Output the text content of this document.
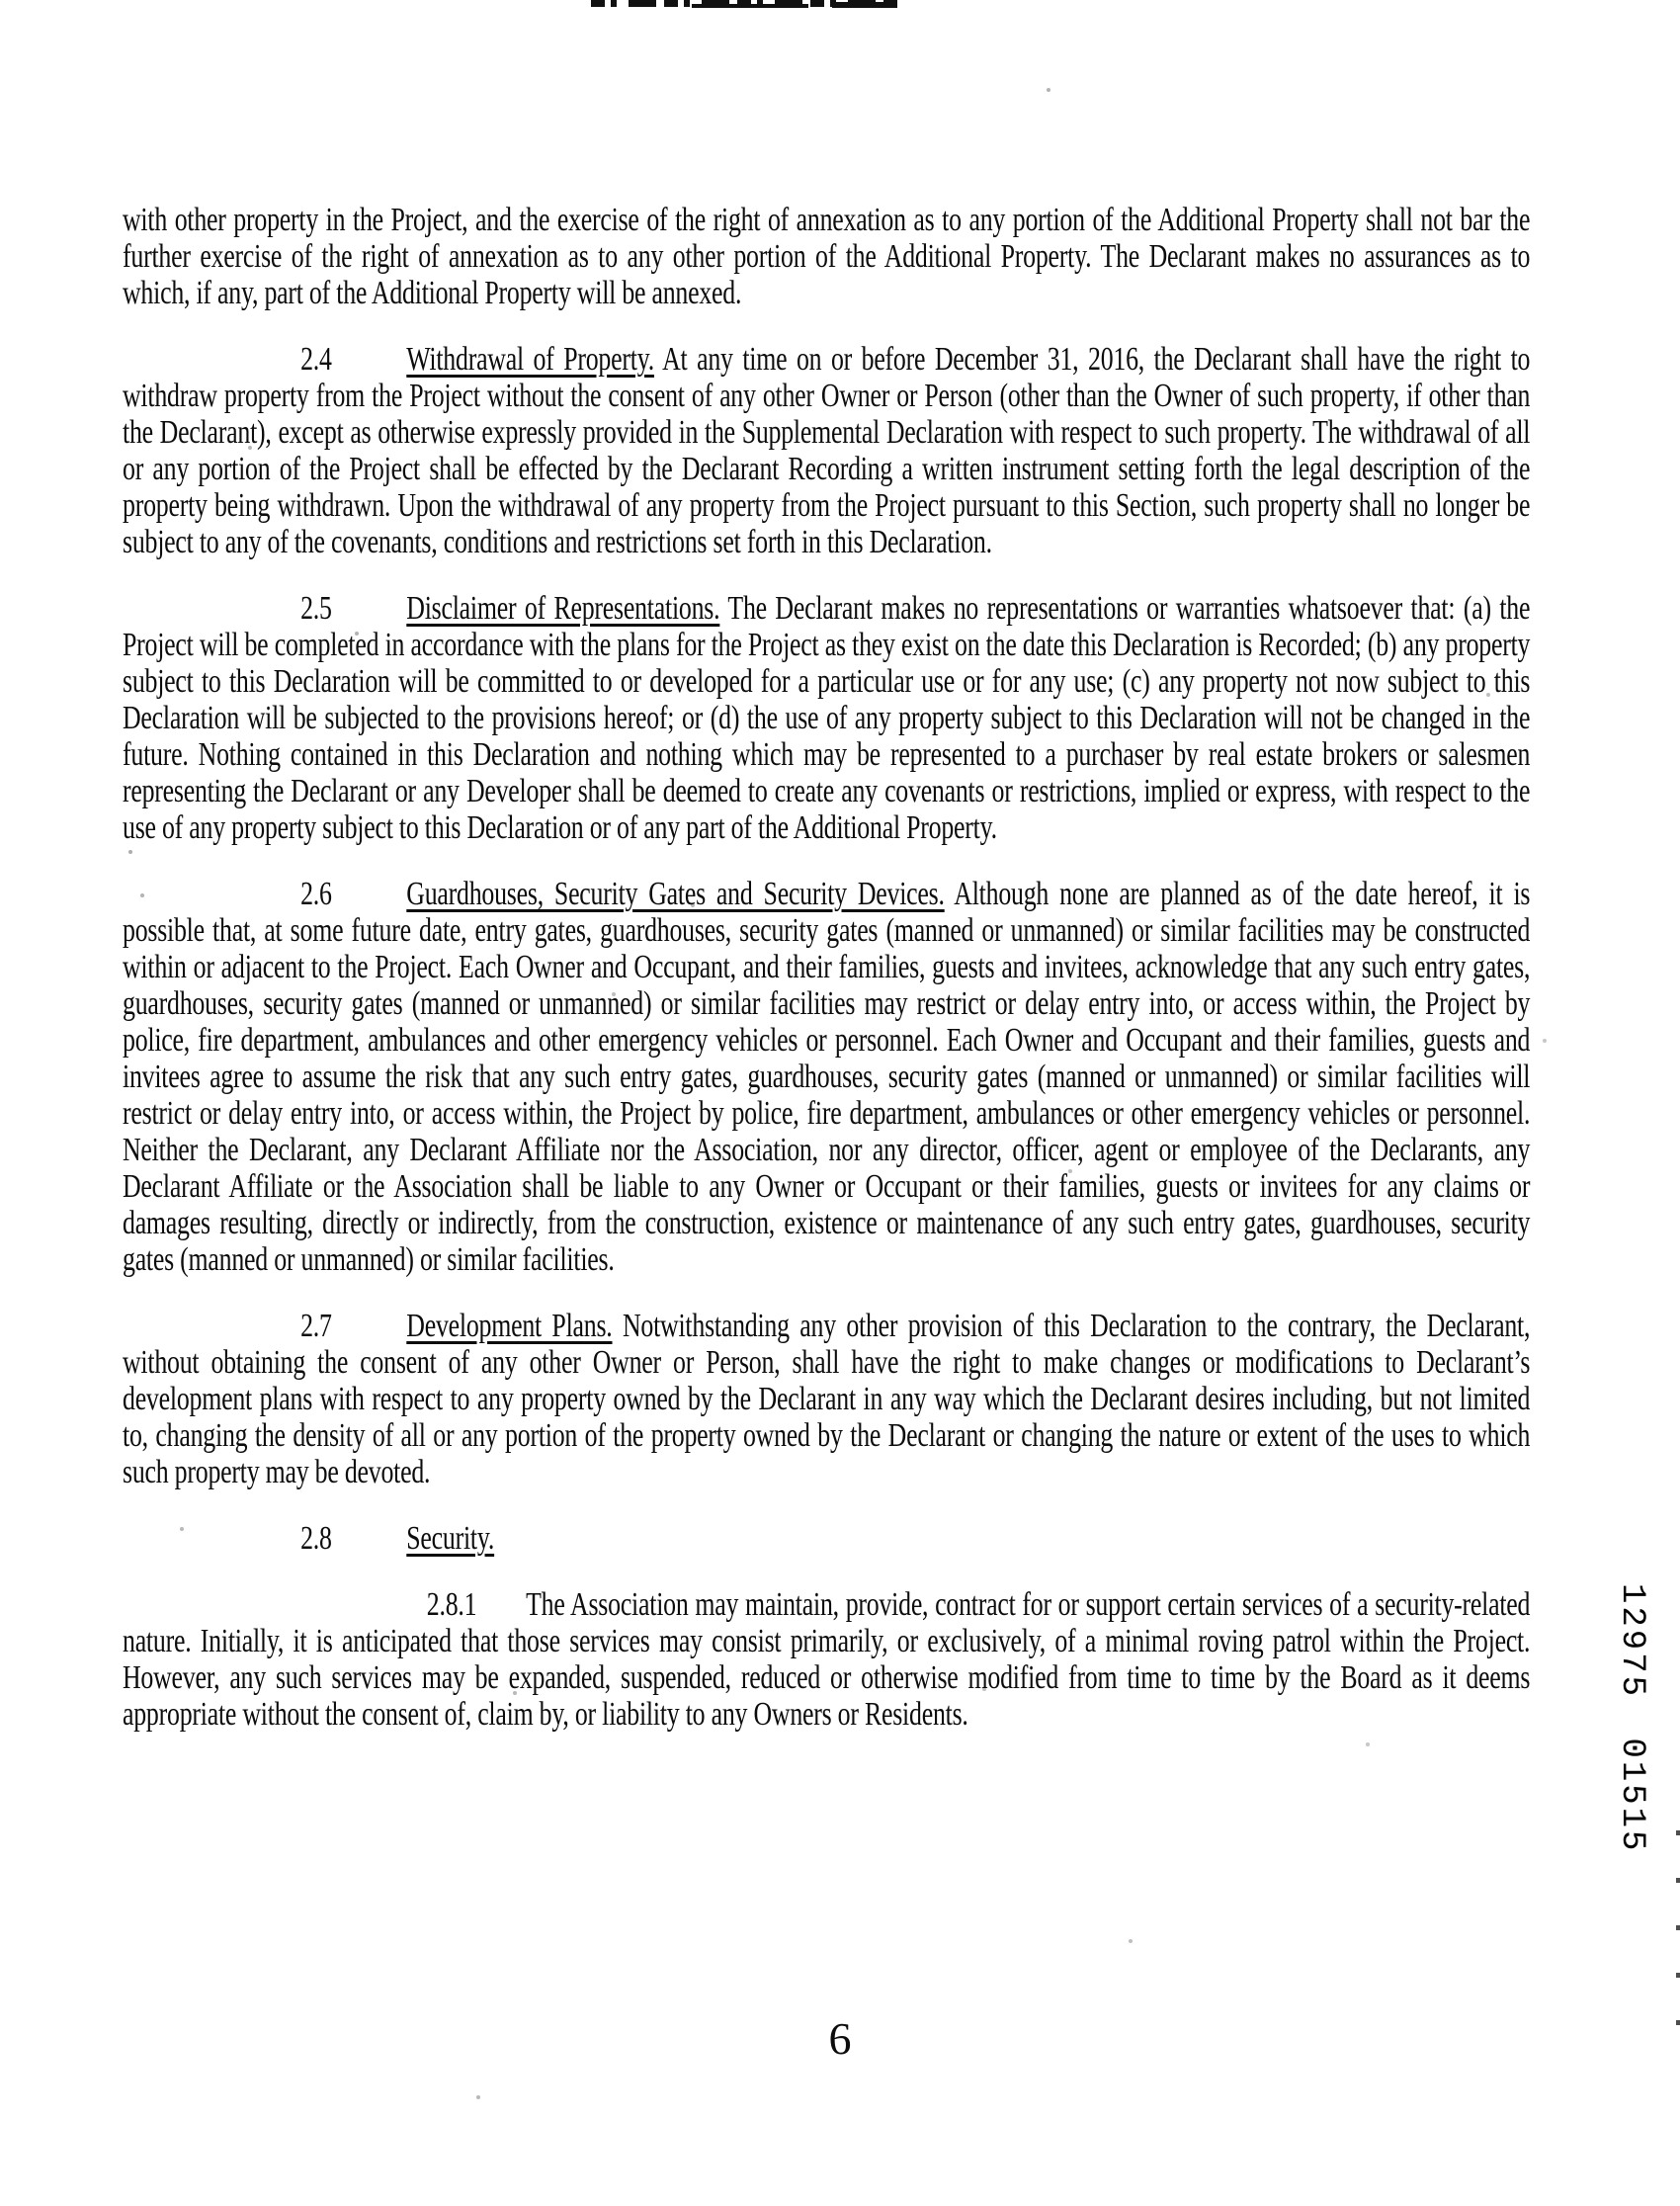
with other property in the Project, and the exercise of the right of annexation as to any portion of the Additional Property shall not bar the further exercise of the right of annexation as to any other portion of the Additional Property. The Declarant makes no assurances as to which, if any, part of the Additional Property will be annexed.

2.4 Withdrawal of Property. At any time on or before December 31, 2016, the Declarant shall have the right to withdraw property from the Project without the consent of any other Owner or Person (other than the Owner of such property, if other than the Declarant), except as otherwise expressly provided in the Supplemental Declaration with respect to such property. The withdrawal of all or any portion of the Project shall be effected by the Declarant Recording a written instrument setting forth the legal description of the property being withdrawn. Upon the withdrawal of any property from the Project pursuant to this Section, such property shall no longer be subject to any of the covenants, conditions and restrictions set forth in this Declaration.

2.5 Disclaimer of Representations. The Declarant makes no representations or warranties whatsoever that: (a) the Project will be completed in accordance with the plans for the Project as they exist on the date this Declaration is Recorded; (b) any property subject to this Declaration will be committed to or developed for a particular use or for any use; (c) any property not now subject to this Declaration will be subjected to the provisions hereof; or (d) the use of any property subject to this Declaration will not be changed in the future. Nothing contained in this Declaration and nothing which may be represented to a purchaser by real estate brokers or salesmen representing the Declarant or any Developer shall be deemed to create any covenants or restrictions, implied or express, with respect to the use of any property subject to this Declaration or of any part of the Additional Property.

2.6 Guardhouses, Security Gates and Security Devices. Although none are planned as of the date hereof, it is possible that, at some future date, entry gates, guardhouses, security gates (manned or unmanned) or similar facilities may be constructed within or adjacent to the Project. Each Owner and Occupant, and their families, guests and invitees, acknowledge that any such entry gates, guardhouses, security gates (manned or unmanned) or similar facilities may restrict or delay entry into, or access within, the Project by police, fire department, ambulances and other emergency vehicles or personnel. Each Owner and Occupant and their families, guests and invitees agree to assume the risk that any such entry gates, guardhouses, security gates (manned or unmanned) or similar facilities will restrict or delay entry into, or access within, the Project by police, fire department, ambulances or other emergency vehicles or personnel. Neither the Declarant, any Declarant Affiliate nor the Association, nor any director, officer, agent or employee of the Declarants, any Declarant Affiliate or the Association shall be liable to any Owner or Occupant or their families, guests or invitees for any claims or damages resulting, directly or indirectly, from the construction, existence or maintenance of any such entry gates, guardhouses, security gates (manned or unmanned) or similar facilities.

2.7 Development Plans. Notwithstanding any other provision of this Declaration to the contrary, the Declarant, without obtaining the consent of any other Owner or Person, shall have the right to make changes or modifications to Declarant’s development plans with respect to any property owned by the Declarant in any way which the Declarant desires including, but not limited to, changing the density of all or any portion of the property owned by the Declarant or changing the nature or extent of the uses to which such property may be devoted.

2.8 Security.

2.8.1 The Association may maintain, provide, contract for or support certain services of a security-related nature. Initially, it is anticipated that those services may consist primarily, or exclusively, of a minimal roving patrol within the Project. However, any such services may be expanded, suspended, reduced or otherwise modified from time to time by the Board as it deems appropriate without the consent of, claim by, or liability to any Owners or Residents.	12975 01515
6
